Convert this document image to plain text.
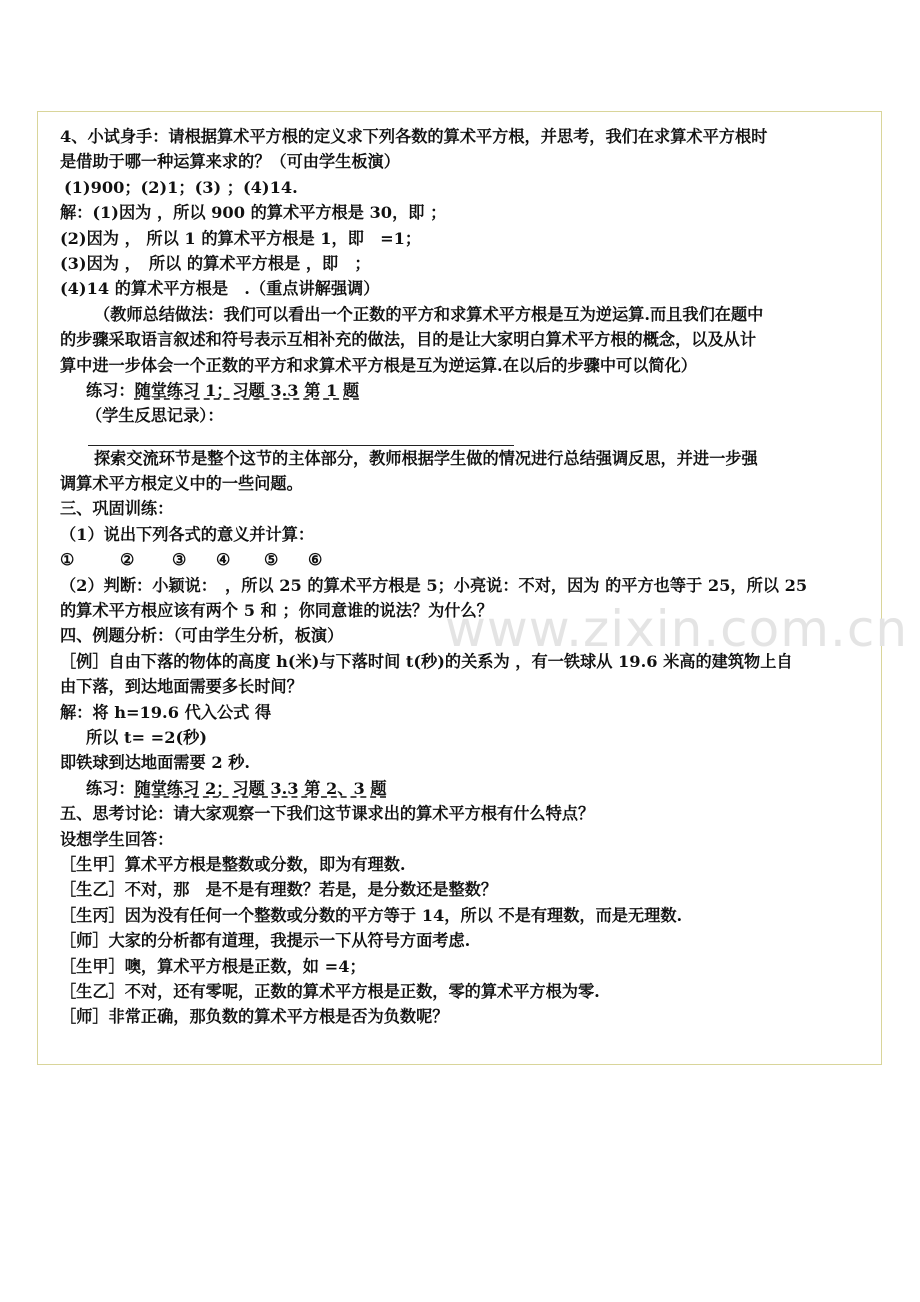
www.zixin.com.cn
4、小试身手：请根据算术平方根的定义求下列各数的算术平方根，并思考，我们在求算术平方根时
是借助于哪一种运算来求的？（可由学生板演）
(1)900；(2)1；(3) ；(4)14.
解：(1)因为 ，所以 900 的算术平方根是 30，即 ；
(2)因为 ， 所以 1 的算术平方根是 1，即　=1；
(3)因为 ，　所以 的算术平方根是 ，即　；
(4)14 的算术平方根是　.（重点讲解强调）
（教师总结做法：我们可以看出一个正数的平方和求算术平方根是互为逆运算.而且我们在题中
的步骤采取语言叙述和符号表示互相补充的做法，目的是让大家明白算术平方根的概念，以及从计
算中进一步体会一个正数的平方和求算术平方根是互为逆运算.在以后的步骤中可以简化）
练习：随堂练习 1；习题 3.3 第 1 题
（学生反思记录）：
探索交流环节是整个这节的主体部分，教师根据学生做的情况进行总结强调反思，并进一步强
调算术平方根定义中的一些问题。
三、巩固训练：
（1）说出下列各式的意义并计算：
①	② ③ ④ ⑤ ⑥
（2）判断：小颖说：　，所以 25 的算术平方根是 5；小亮说：不对，因为 的平方也等于 25，所以 25
的算术平方根应该有两个 5 和 ；你同意谁的说法？为什么？
四、例题分析：（可由学生分析，板演）
［例］自由下落的物体的高度 h(米)与下落时间 t(秒)的关系为 ，有一铁球从 19.6 米高的建筑物上自
由下落，到达地面需要多长时间？
解：将 h=19.6 代入公式 得
所以 t= =2(秒)
即铁球到达地面需要 2 秒.
练习：随堂练习 2；习题 3.3 第 2、3 题
五、思考讨论：请大家观察一下我们这节课求出的算术平方根有什么特点？
设想学生回答：
［生甲］算术平方根是整数或分数，即为有理数.
［生乙］不对，那　是不是有理数？若是，是分数还是整数？
［生丙］因为没有任何一个整数或分数的平方等于 14，所以 不是有理数，而是无理数.
［师］大家的分析都有道理，我提示一下从符号方面考虑.
［生甲］噢，算术平方根是正数，如 =4；
［生乙］不对，还有零呢，正数的算术平方根是正数，零的算术平方根为零.
［师］非常正确，那负数的算术平方根是否为负数呢？
